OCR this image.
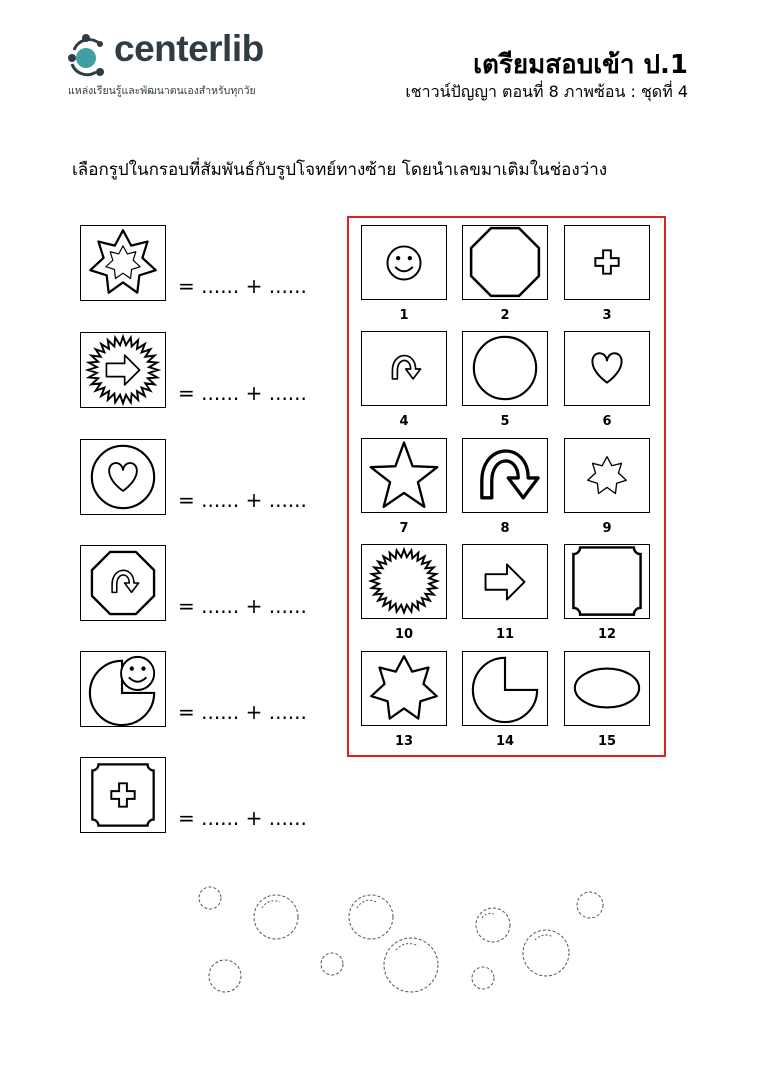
centerlib
แหล่งเรียนรู้และพัฒนาตนเองสำหรับทุกวัย
เตรียมสอบเข้า ป.1
เชาวน์ปัญญา ตอนที่ 8 ภาพซ้อน : ชุดที่ 4
เลือกรูปในกรอบที่สัมพันธ์กับรูปโจทย์ทางซ้าย โดยนำเลขมาเติมในช่องว่าง
= ...... + ......
= ...... + ......
= ...... + ......
= ...... + ......
= ...... + ......
= ...... + ......
1	2	3
4	5	6
7	8	9
10	11	12
13	14	15
